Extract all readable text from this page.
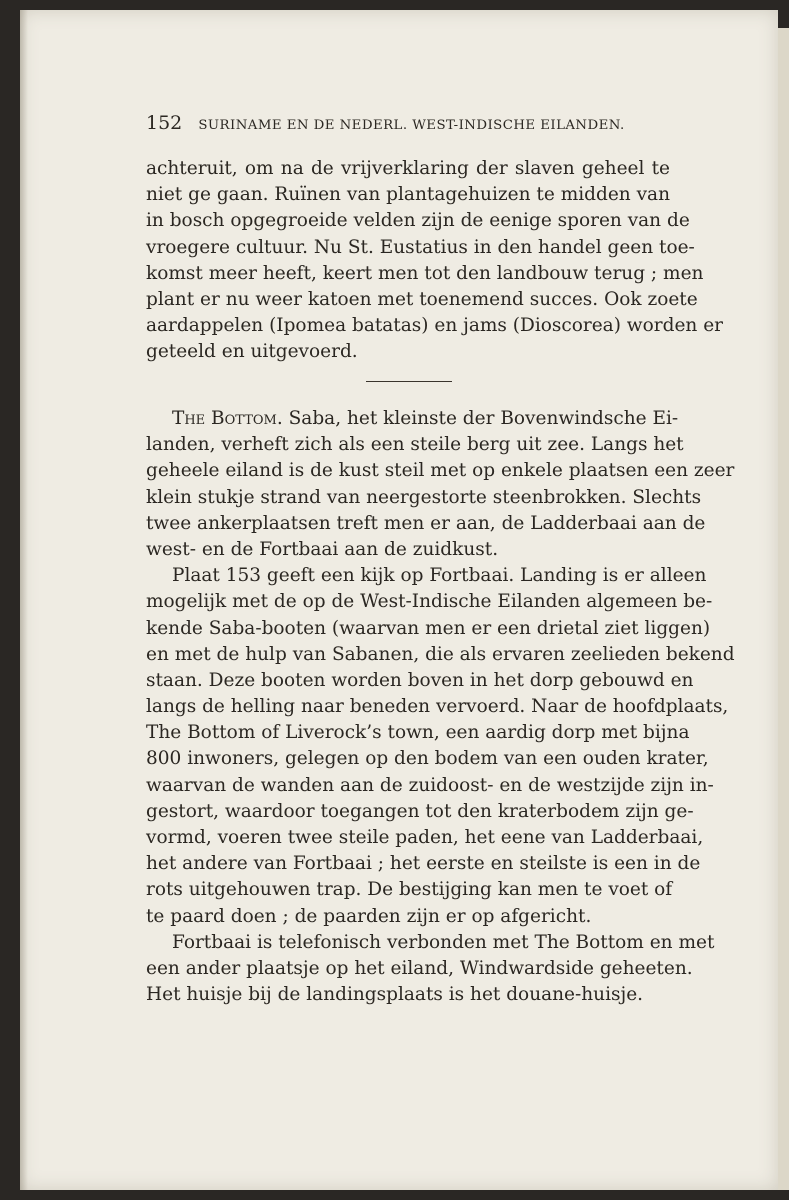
152 SURINAME EN DE NEDERL. WEST-INDISCHE EILANDEN.
achteruit, om na de vrijverklaring der slaven geheel te
niet ge gaan. Ruïnen van plantagehuizen te midden van
in bosch opgegroeide velden zijn de eenige sporen van de
vroegere cultuur. Nu St. Eustatius in den handel geen toe-
komst meer heeft, keert men tot den landbouw terug ; men
plant er nu weer katoen met toenemend succes. Ook zoete
aardappelen (Ipomea batatas) en jams (Dioscorea) worden er
geteeld en uitgevoerd.
The Bottom. Saba, het kleinste der Bovenwindsche Ei-
landen, verheft zich als een steile berg uit zee. Langs het
geheele eiland is de kust steil met op enkele plaatsen een zeer
klein stukje strand van neergestorte steenbrokken. Slechts
twee ankerplaatsen treft men er aan, de Ladderbaai aan de
west- en de Fortbaai aan de zuidkust.
Plaat 153 geeft een kijk op Fortbaai. Landing is er alleen
mogelijk met de op de West-Indische Eilanden algemeen be-
kende Saba-booten (waarvan men er een drietal ziet liggen)
en met de hulp van Sabanen, die als ervaren zeelieden bekend
staan. Deze booten worden boven in het dorp gebouwd en
langs de helling naar beneden vervoerd. Naar de hoofdplaats,
The Bottom of Liverock’s town, een aardig dorp met bijna
800 inwoners, gelegen op den bodem van een ouden krater,
waarvan de wanden aan de zuidoost- en de westzijde zijn in-
gestort, waardoor toegangen tot den kraterbodem zijn ge-
vormd, voeren twee steile paden, het eene van Ladderbaai,
het andere van Fortbaai ; het eerste en steilste is een in de
rots uitgehouwen trap. De bestijging kan men te voet of
te paard doen ; de paarden zijn er op afgericht.
Fortbaai is telefonisch verbonden met The Bottom en met
een ander plaatsje op het eiland, Windwardside geheeten.
Het huisje bij de landingsplaats is het douane-huisje.
